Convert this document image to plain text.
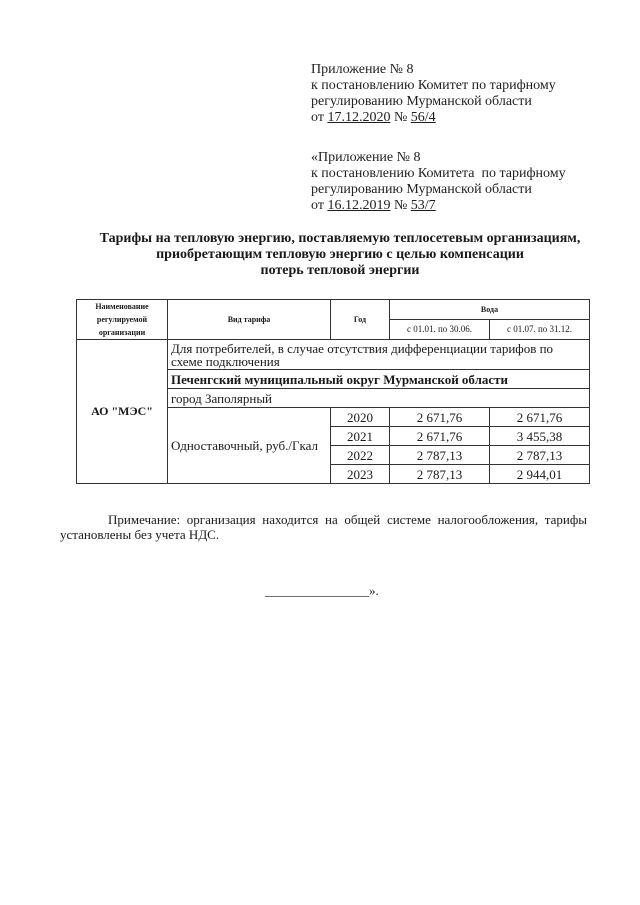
Приложение № 8
к постановлению Комитет по тарифному
регулированию Мурманской области
от 17.12.2020 № 56/4
«Приложение № 8
к постановлению Комитета  по тарифному
регулированию Мурманской области
от 16.12.2019 № 53/7
Тарифы на тепловую энергию, поставляемую теплосетевым организациям,
приобретающим тепловую энергию с целью компенсации
потерь тепловой энергии
Наименование регулируемой организации	Вид тарифа	Год	Вода	
			с 01.01. по 30.06.	с 01.07. по 31.12.
АО "МЭС"	Для потребителей, в случае отсутствия дифференциации тарифов по схеме подключения			
	Печенгский муниципальный округ Мурманской области			
	город Заполярный			
	Одноставочный, руб./Гкал	2020	2 671,76	2 671,76
		2021	2 671,76	3 455,38
		2022	2 787,13	2 787,13
		2023	2 787,13	2 944,01
Примечание: организация находится на общей системе налогообложения, тарифы установлены без учета НДС.
________________».
